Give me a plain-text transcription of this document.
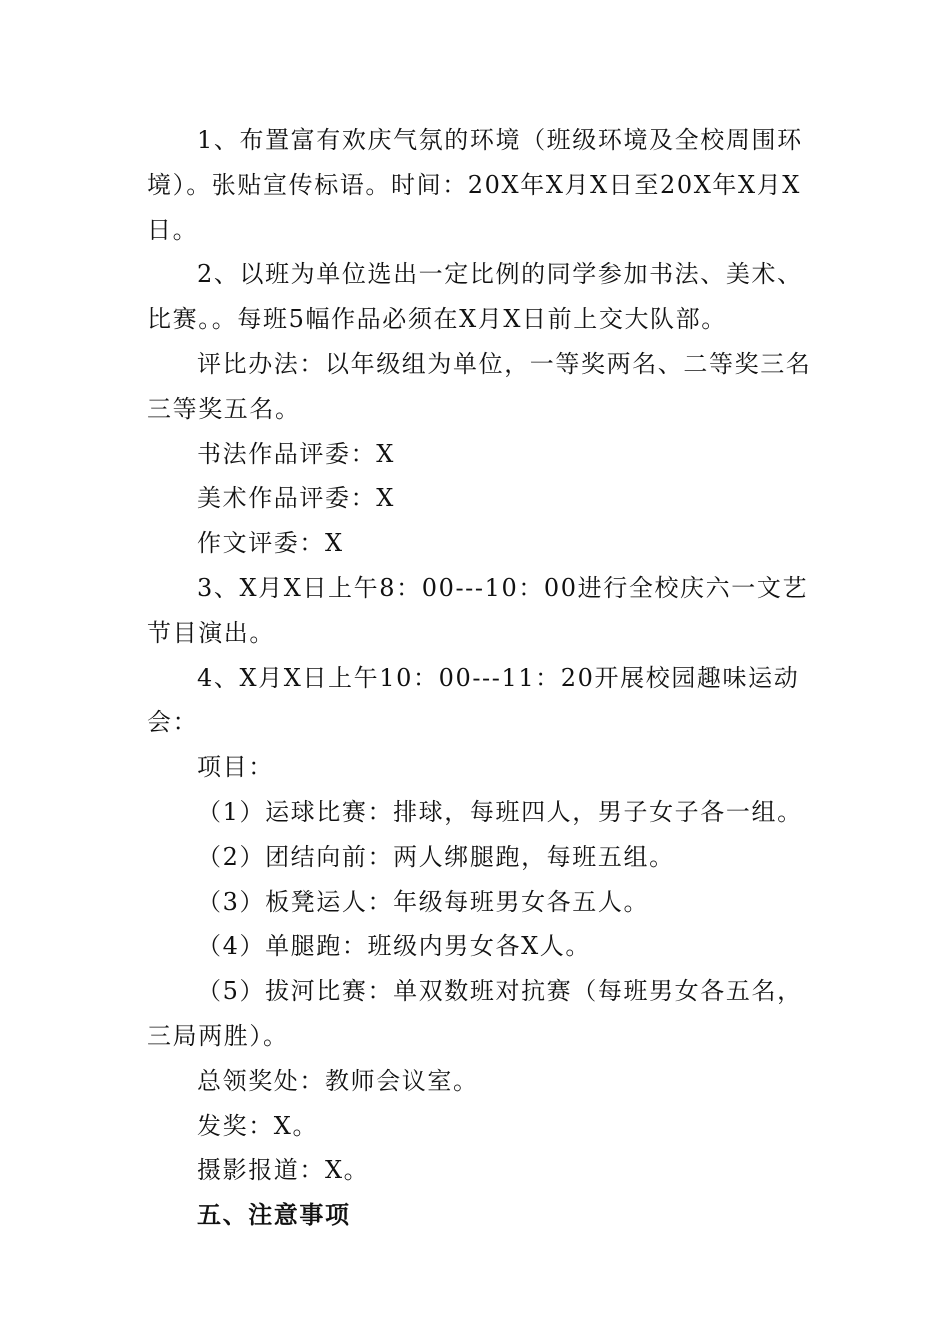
1、布置富有欢庆气氛的环境（班级环境及全校周围环境）。张贴宣传标语。时间：20X年X月X日至20X年X月X日。

2、以班为单位选出一定比例的同学参加书法、美术、比赛。。每班5幅作品必须在X月X日前上交大队部。

评比办法：以年级组为单位，一等奖两名、二等奖三名三等奖五名。

书法作品评委：X

美术作品评委：X

作文评委：X

3、X月X日上午8：00---10：00进行全校庆六一文艺节目演出。

4、X月X日上午10：00---11：20开展校园趣味运动会：

项目：

（1）运球比赛：排球，每班四人，男子女子各一组。

（2）团结向前：两人绑腿跑，每班五组。

（3）板凳运人：年级每班男女各五人。

（4）单腿跑：班级内男女各X人。

（5）拔河比赛：单双数班对抗赛（每班男女各五名，三局两胜）。

总领奖处：教师会议室。

发奖：X。

摄影报道：X。

五、注意事项
